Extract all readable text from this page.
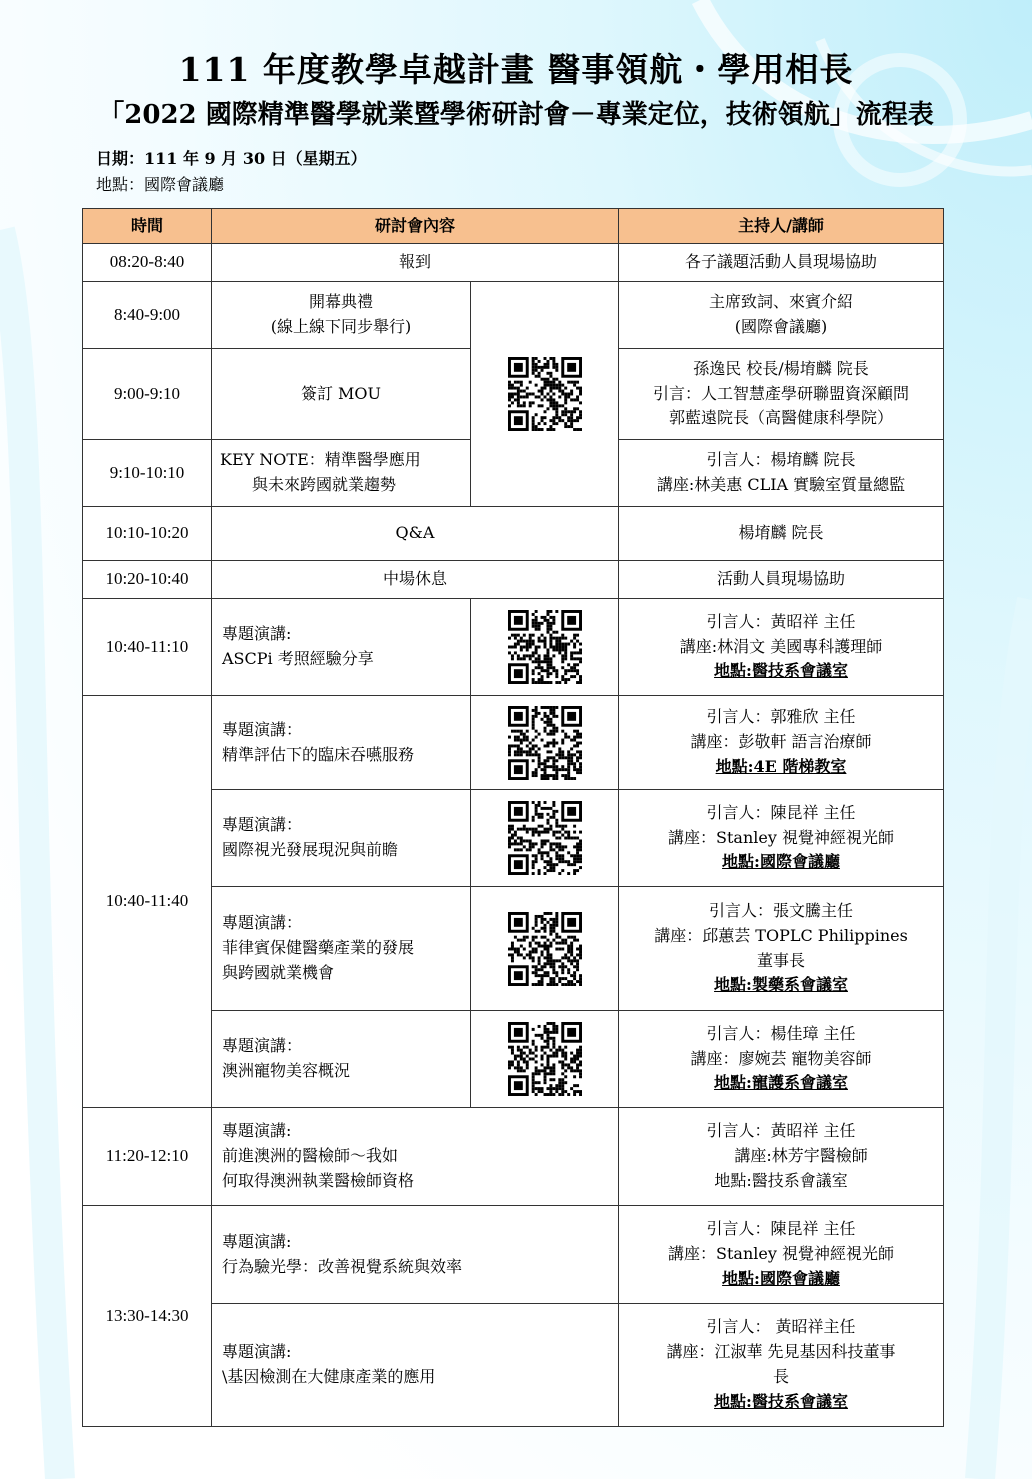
111 年度教學卓越計畫 醫事領航・學用相長
「2022 國際精準醫學就業暨學術研討會－專業定位，技術領航」流程表
日期：111 年 9 月 30 日（星期五）
地點：國際會議廳
時間	研討會內容		主持人/講師
08:20-8:40	報到		各子議題活動人員現場協助
8:40-9:00	開幕典禮
(線上線下同步舉行)		主席致詞、來賓介紹
(國際會議廳)

9:00-9:10	簽訂 MOU		孫逸民 校長/楊堉麟 院長
引言：人工智慧產學研聯盟資深顧問
郭藍遠院長（高醫健康科學院）

9:10-10:10	KEY NOTE：精準醫學應用
與未來跨國就業趨勢		引言人：楊堉麟 院長
講座:林美惠 CLIA 實驗室質量總監

10:10-10:20	Q&A		楊堉麟 院長
10:20-10:40	中場休息		活動人員現場協助
10:40-11:10	專題演講:
ASCPi 考照經驗分享		引言人：黃昭祥 主任
講座:林涓文 美國專科護理師
地點:醫技系會議室

10:40-11:40	專題演講：
精準評估下的臨床吞嚥服務		引言人：郭雅欣 主任
講座：彭敬軒 語言治療師
地點:4E 階梯教室

	專題演講：
國際視光發展現況與前瞻		引言人：陳昆祥 主任
講座：Stanley 視覺神經視光師
地點:國際會議廳

	專題演講：
菲律賓保健醫藥產業的發展
與跨國就業機會		引言人：張文騰主任
講座：邱蕙芸 TOPLC Philippines
董事長
地點:製藥系會議室

	專題演講：
澳洲寵物美容概況		引言人：楊佳璋 主任
講座：廖婉芸 寵物美容師
地點:寵護系會議室

11:20-12:10	專題演講:
前進澳洲的醫檢師～我如
何取得澳洲執業醫檢師資格		引言人：黃昭祥 主任
講座:林芳宇醫檢師
地點:醫技系會議室

13:30-14:30	專題演講:
行為驗光學：改善視覺系統與效率		引言人：陳昆祥 主任
講座：Stanley 視覺神經視光師
地點:國際會議廳

	專題演講:
\基因檢測在大健康產業的應用		引言人： 黃昭祥主任
講座：江淑華 先見基因科技董事
長
地點:醫技系會議室
